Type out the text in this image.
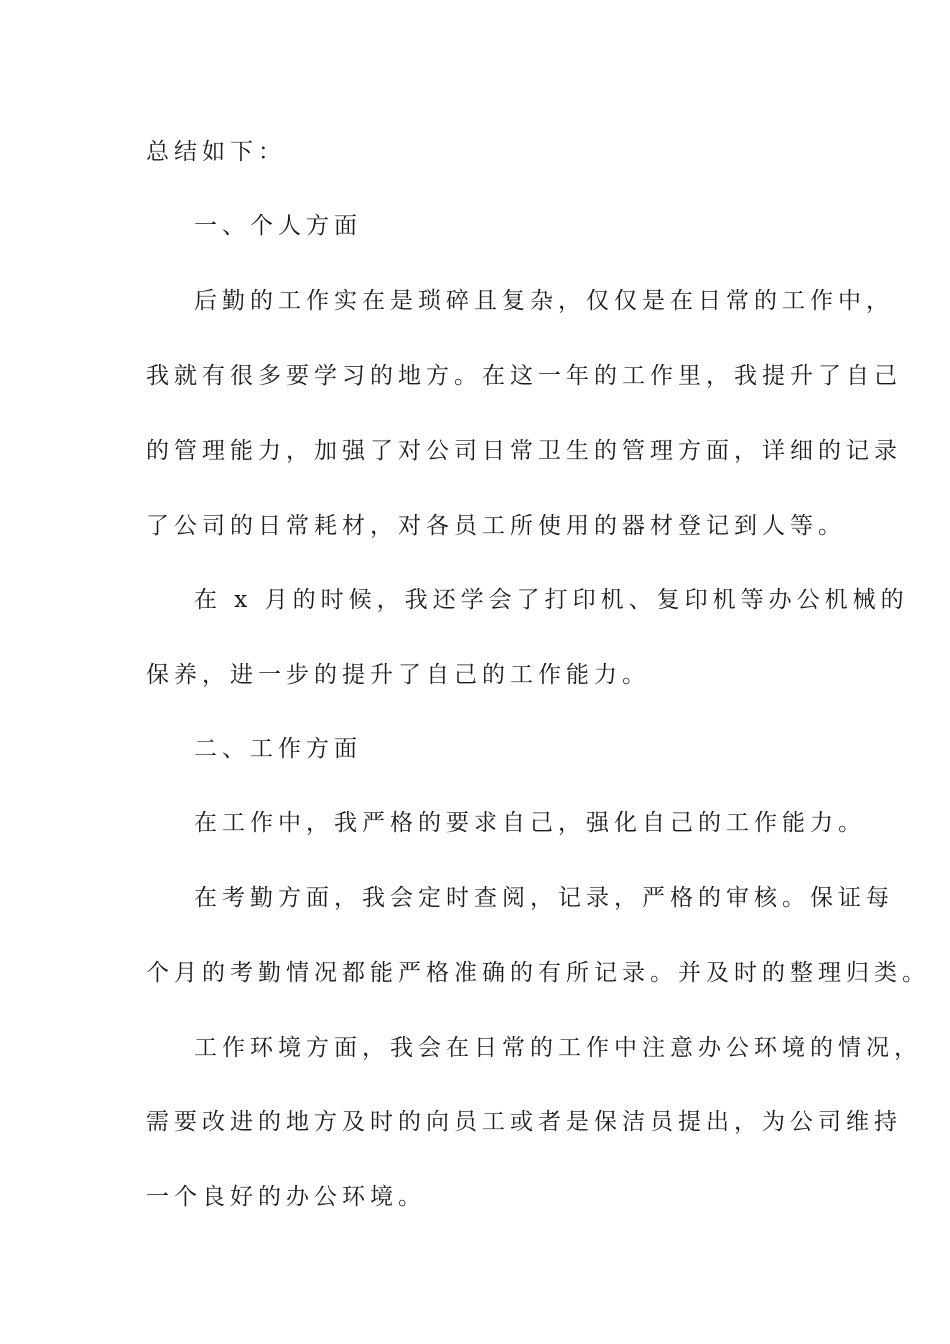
总结如下：
一、个人方面
后勤的工作实在是琐碎且复杂，仅仅是在日常的工作中，
我就有很多要学习的地方。在这一年的工作里，我提升了自己
的管理能力，加强了对公司日常卫生的管理方面，详细的记录
了公司的日常耗材，对各员工所使用的器材登记到人等。
在 x 月的时候，我还学会了打印机、复印机等办公机械的
保养，进一步的提升了自己的工作能力。
二、工作方面
在工作中，我严格的要求自己，强化自己的工作能力。
在考勤方面，我会定时查阅，记录，严格的审核。保证每
个月的考勤情况都能严格准确的有所记录。并及时的整理归类。
工作环境方面，我会在日常的工作中注意办公环境的情况，
需要改进的地方及时的向员工或者是保洁员提出，为公司维持
一个良好的办公环境。
